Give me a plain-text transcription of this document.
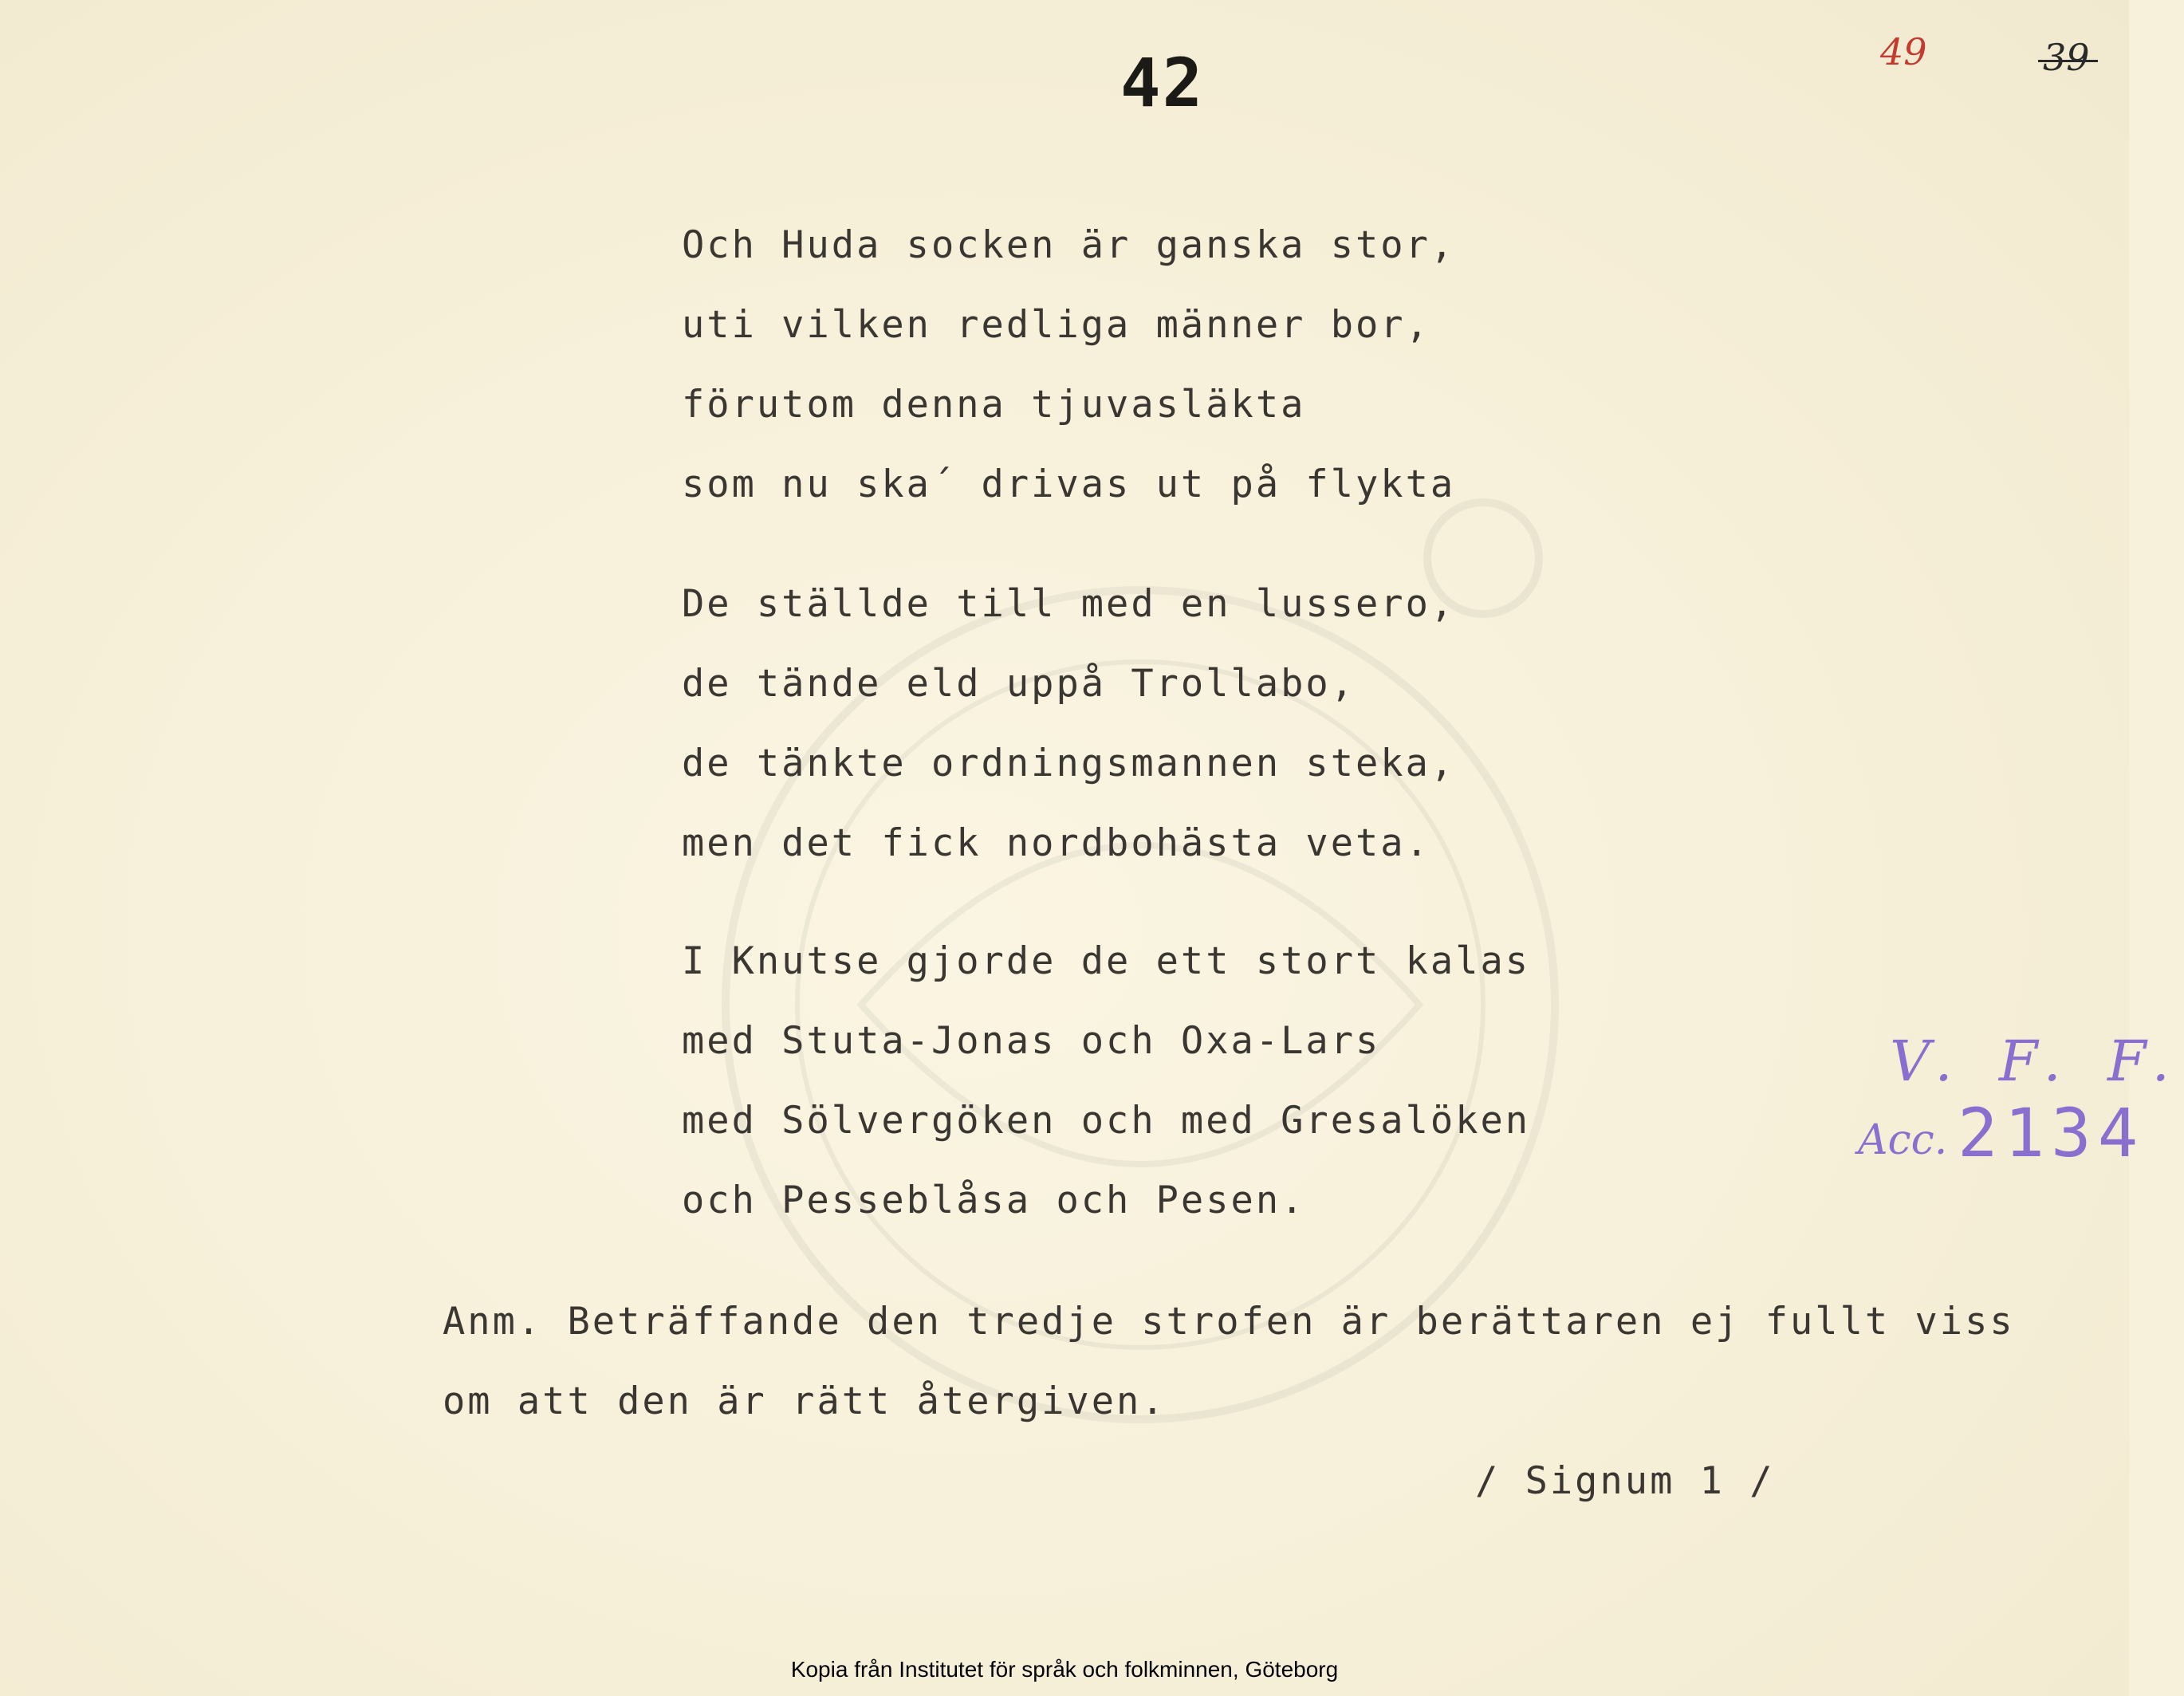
42	49	39
Och Huda socken är ganska stor,
uti vilken redliga männer bor,
förutom denna tjuvasläkta
som nu ska´ drivas ut på flykta
De ställde till med en lussero,
de tände eld uppå Trollabo,
de tänkte ordningsmannen steka,
men det fick nordbohästa veta.
I Knutse gjorde de ett stort kalas
med Stuta-Jonas och Oxa-Lars
med Sölvergöken och med Gresalöken
och Pesseblåsa och Pesen.
Anm. Beträffande den tredje strofen är berättaren ej fullt viss
om att den är rätt återgiven.
/ Signum 1 /
V. F. F.
Acc. 2134
Kopia från Institutet för språk och folkminnen, Göteborg
